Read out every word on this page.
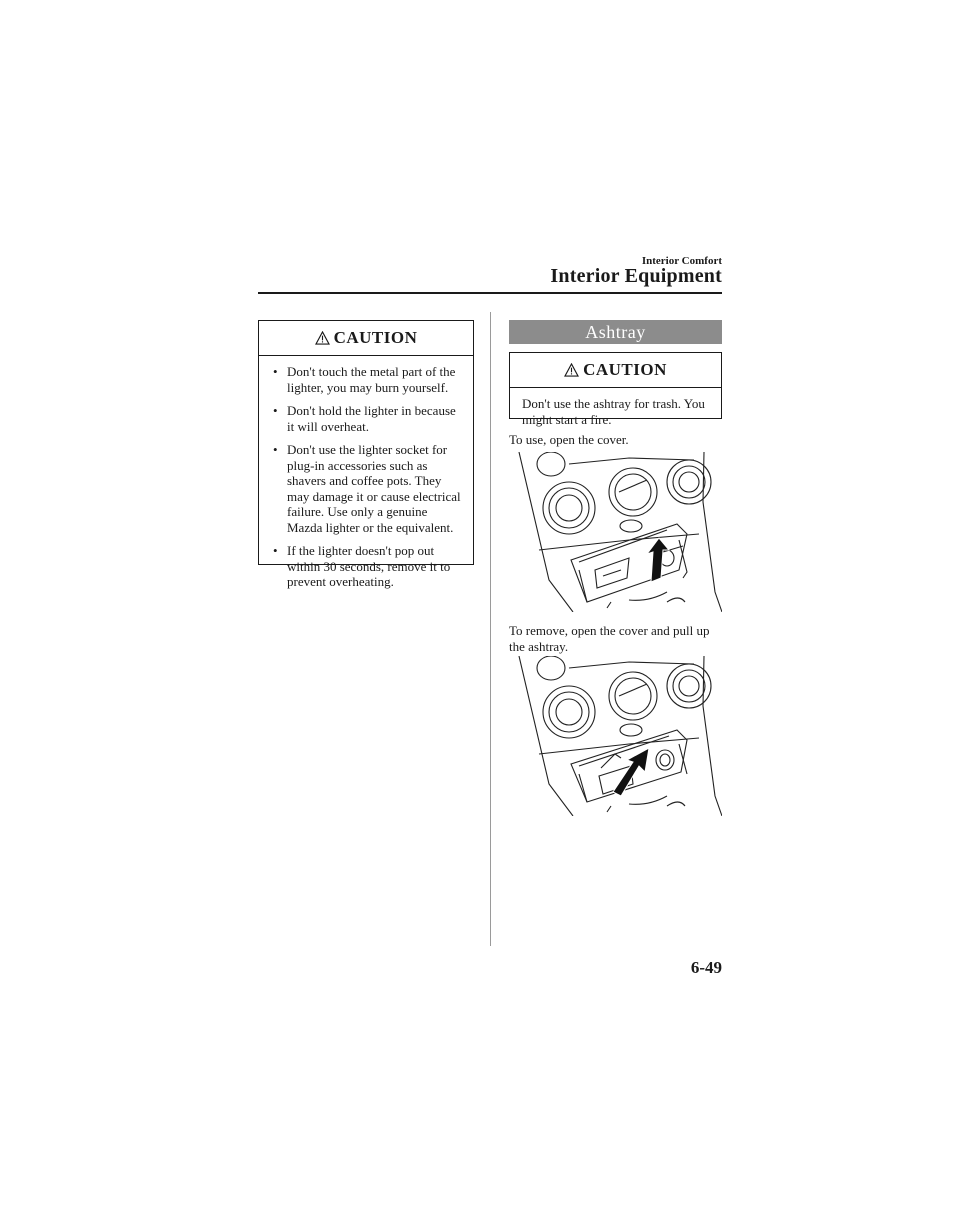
Interior Comfort
Interior Equipment
CAUTION
• Don't touch the metal part of the lighter, you may burn yourself.
• Don't hold the lighter in because it will overheat.
• Don't use the lighter socket for plug-in accessories such as shavers and coffee pots. They may damage it or cause electrical failure. Use only a genuine Mazda lighter or the equivalent.
• If the lighter doesn't pop out within 30 seconds, remove it to prevent overheating.
Ashtray
CAUTION
Don't use the ashtray for trash. You might start a fire.
To use, open the cover.
To remove, open the cover and pull up the ashtray.
6-49
